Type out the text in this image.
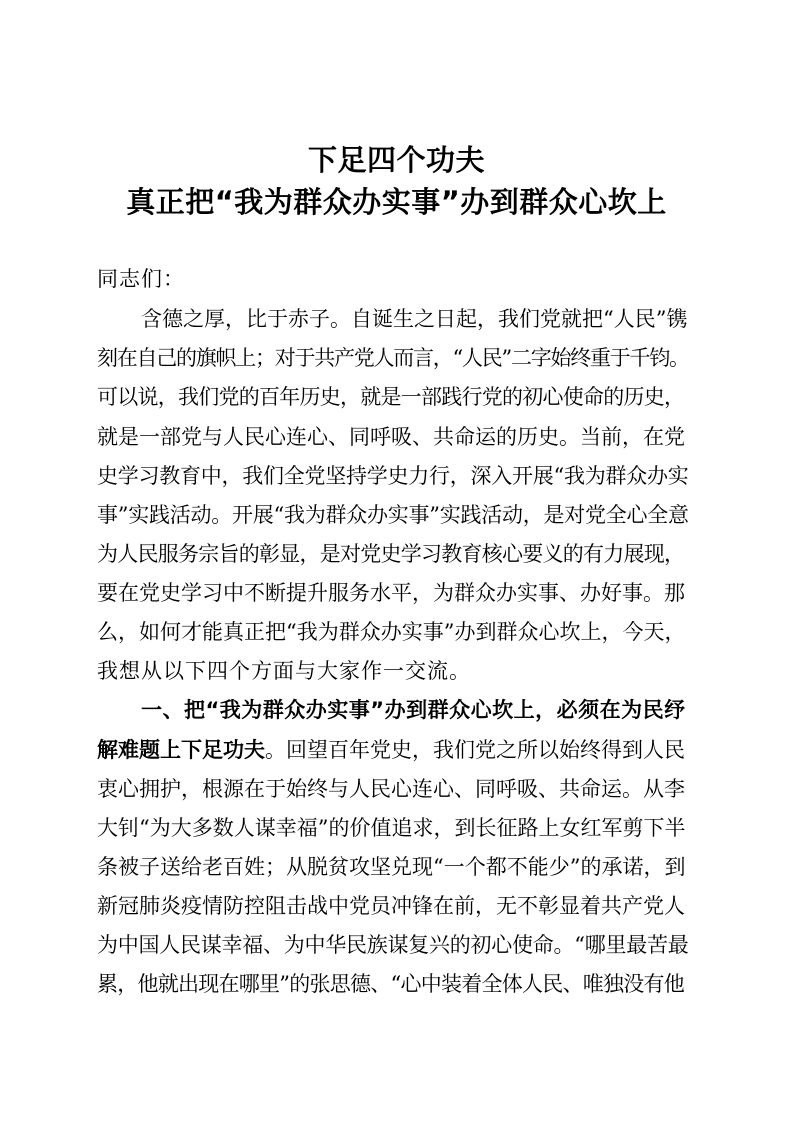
下足四个功夫
真正把“我为群众办实事”办到群众心坎上
同志们：
含德之厚，比于赤子。自诞生之日起，我们党就把“人民”镌
刻在自己的旗帜上；对于共产党人而言，“人民”二字始终重于千钧。
可以说，我们党的百年历史，就是一部践行党的初心使命的历史，
就是一部党与人民心连心、同呼吸、共命运的历史。当前，在党
史学习教育中，我们全党坚持学史力行，深入开展“我为群众办实
事”实践活动。开展“我为群众办实事”实践活动，是对党全心全意
为人民服务宗旨的彰显，是对党史学习教育核心要义的有力展现，
要在党史学习中不断提升服务水平，为群众办实事、办好事。那
么，如何才能真正把“我为群众办实事”办到群众心坎上，今天，
我想从以下四个方面与大家作一交流。
一、把“我为群众办实事”办到群众心坎上，必须在为民纾
解难题上下足功夫。回望百年党史，我们党之所以始终得到人民
衷心拥护，根源在于始终与人民心连心、同呼吸、共命运。从李
大钊“为大多数人谋幸福”的价值追求，到长征路上女红军剪下半
条被子送给老百姓；从脱贫攻坚兑现“一个都不能少”的承诺，到
新冠肺炎疫情防控阻击战中党员冲锋在前，无不彰显着共产党人
为中国人民谋幸福、为中华民族谋复兴的初心使命。“哪里最苦最
累，他就出现在哪里”的张思德、“心中装着全体人民、唯独没有他
